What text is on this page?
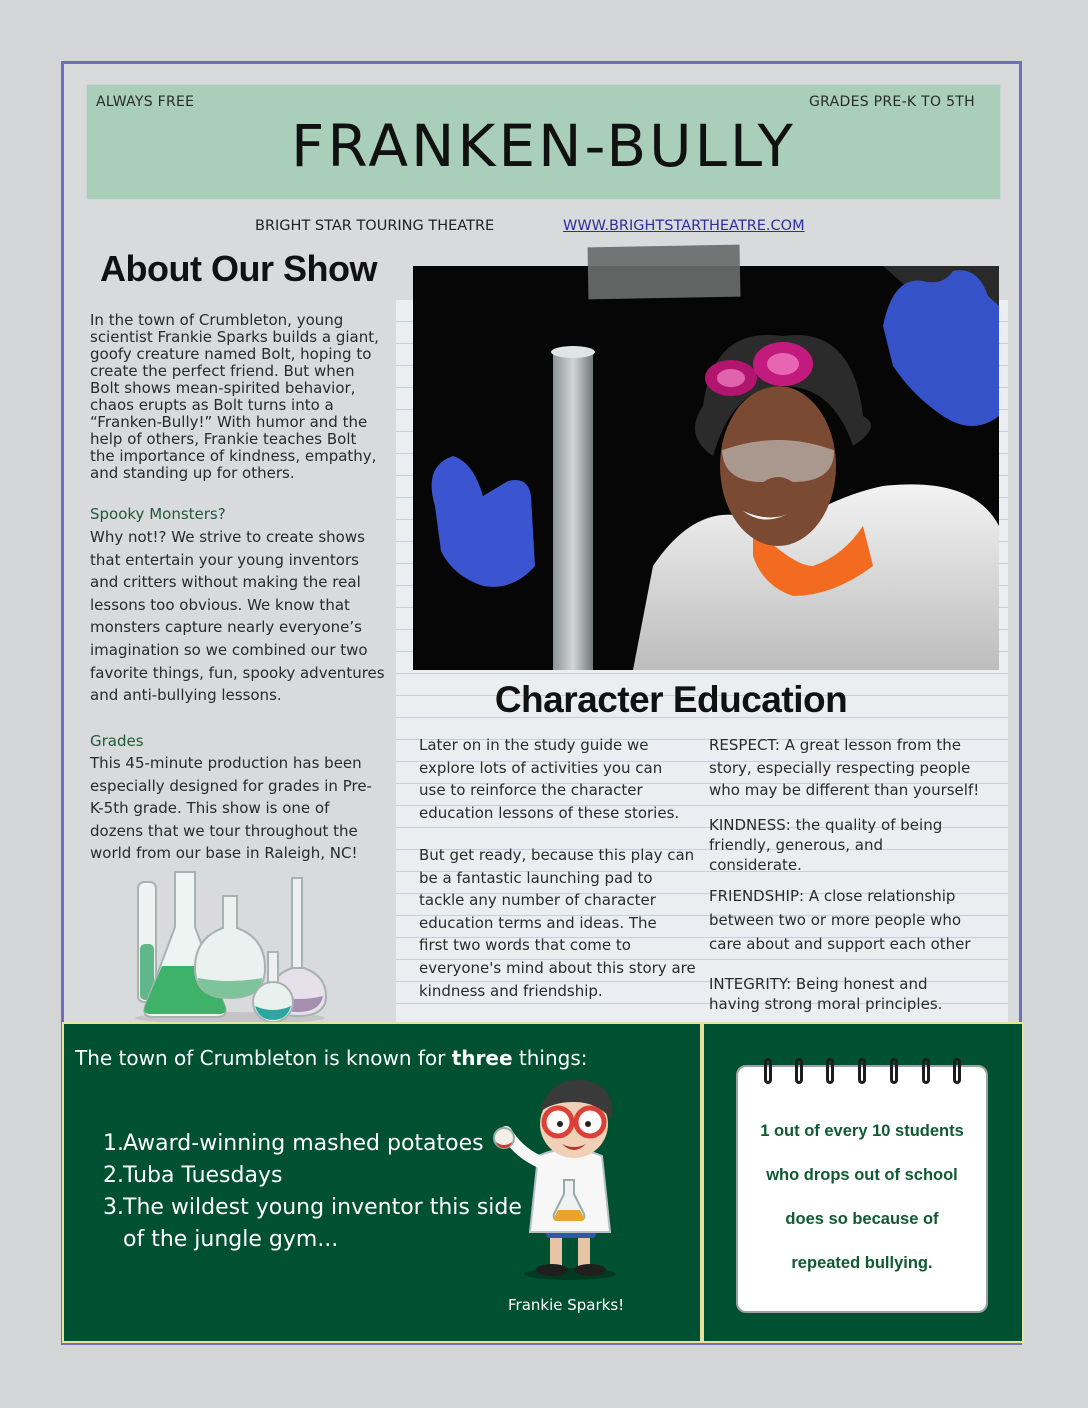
ALWAYS FREE	GRADES PRE-K TO 5TH
FRANKEN-BULLY
BRIGHT STAR TOURING THEATRE	WWW.BRIGHTSTARTHEATRE.COM
About Our Show
In the town of Crumbleton, young
scientist Frankie Sparks builds a giant,
goofy creature named Bolt, hoping to
create the perfect friend. But when
Bolt shows mean-spirited behavior,
chaos erupts as Bolt turns into a
“Franken-Bully!” With humor and the
help of others, Frankie teaches Bolt
the importance of kindness, empathy,
and standing up for others.
Spooky Monsters?
Why not!? We strive to create shows
that entertain your young inventors
and critters without making the real
lessons too obvious. We know that
monsters capture nearly everyone’s
imagination so we combined our two
favorite things, fun, spooky adventures
and anti-bullying lessons.
Grades
This 45-minute production has been
especially designed for grades in Pre-
K-5th grade. This show is one of
dozens that we tour throughout the
world from our base in Raleigh, NC!
Character Education
Later on in the study guide we
explore lots of activities you can
use to reinforce the character
education lessons of these stories.
But get ready, because this play can
be a fantastic launching pad to
tackle any number of character
education terms and ideas. The
first two words that come to
everyone's mind about this story are
kindness and friendship.
RESPECT: A great lesson from the
story, especially respecting people
who may be different than yourself!
KINDNESS: the quality of being
friendly, generous, and
considerate.
FRIENDSHIP: A close relationship
between two or more people who
care about and support each other
INTEGRITY: Being honest and
having strong moral principles.
The town of Crumbleton is known for three things:
1.Award-winning mashed potatoes
2.Tuba Tuesdays
3.The wildest young inventor this side
of the jungle gym...
Frankie Sparks!
1 out of every 10 students
who drops out of school
does so because of
repeated bullying.
